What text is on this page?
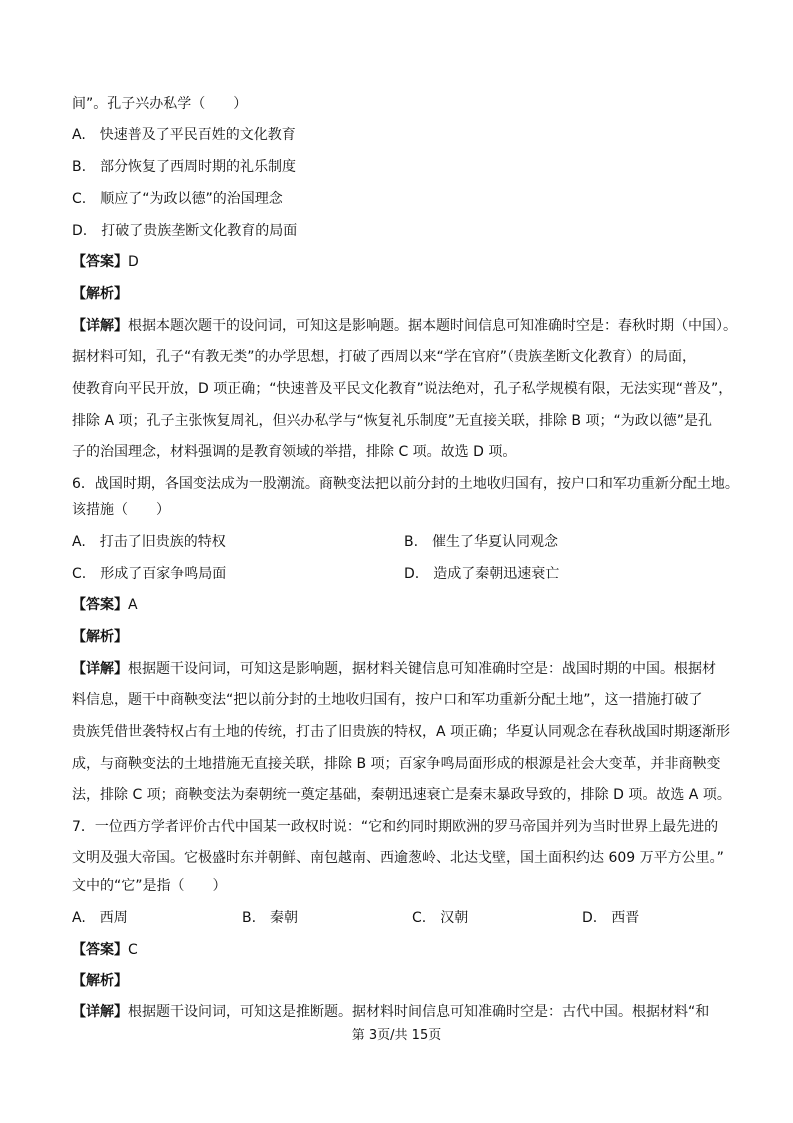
间”。孔子兴办私学（　　）
A.　快速普及了平民百姓的文化教育
B.　部分恢复了西周时期的礼乐制度
C.　顺应了“为政以德”的治国理念
D.　打破了贵族垄断文化教育的局面
【答案】D
【解析】
【详解】根据本题次题干的设问词，可知这是影响题。据本题时间信息可知准确时空是：春秋时期（中国）。
据材料可知，孔子“有教无类”的办学思想，打破了西周以来“学在官府”（贵族垄断文化教育）的局面，
使教育向平民开放，D 项正确；“快速普及平民文化教育”说法绝对，孔子私学规模有限，无法实现“普及”，
排除 A 项；孔子主张恢复周礼，但兴办私学与“恢复礼乐制度”无直接关联，排除 B 项；“为政以德”是孔
子的治国理念，材料强调的是教育领域的举措，排除 C 项。故选 D 项。
6．战国时期，各国变法成为一股潮流。商鞅变法把以前分封的土地收归国有，按户口和军功重新分配土地。
该措施（　　）
A.　打击了旧贵族的特权	B.　催生了华夏认同观念
C.　形成了百家争鸣局面	D.　造成了秦朝迅速衰亡
【答案】A
【解析】
【详解】根据题干设问词，可知这是影响题，据材料关键信息可知准确时空是：战国时期的中国。根据材
料信息，题干中商鞅变法“把以前分封的土地收归国有，按户口和军功重新分配土地”，这一措施打破了
贵族凭借世袭特权占有土地的传统，打击了旧贵族的特权，A 项正确；华夏认同观念在春秋战国时期逐渐形
成，与商鞅变法的土地措施无直接关联，排除 B 项；百家争鸣局面形成的根源是社会大变革，并非商鞅变
法，排除 C 项；商鞅变法为秦朝统一奠定基础，秦朝迅速衰亡是秦末暴政导致的，排除 D 项。故选 A 项。
7．一位西方学者评价古代中国某一政权时说：“它和约同时期欧洲的罗马帝国并列为当时世界上最先进的
文明及强大帝国。它极盛时东并朝鲜、南包越南、西逾葱岭、北达戈壁，国土面积约达 609 万平方公里。”
文中的“它”是指（　　）
A.　西周	B.　秦朝	C.　汉朝	D.　西晋
【答案】C
【解析】
【详解】根据题干设问词，可知这是推断题。据材料时间信息可知准确时空是：古代中国。根据材料“和
第 3页/共 15页
